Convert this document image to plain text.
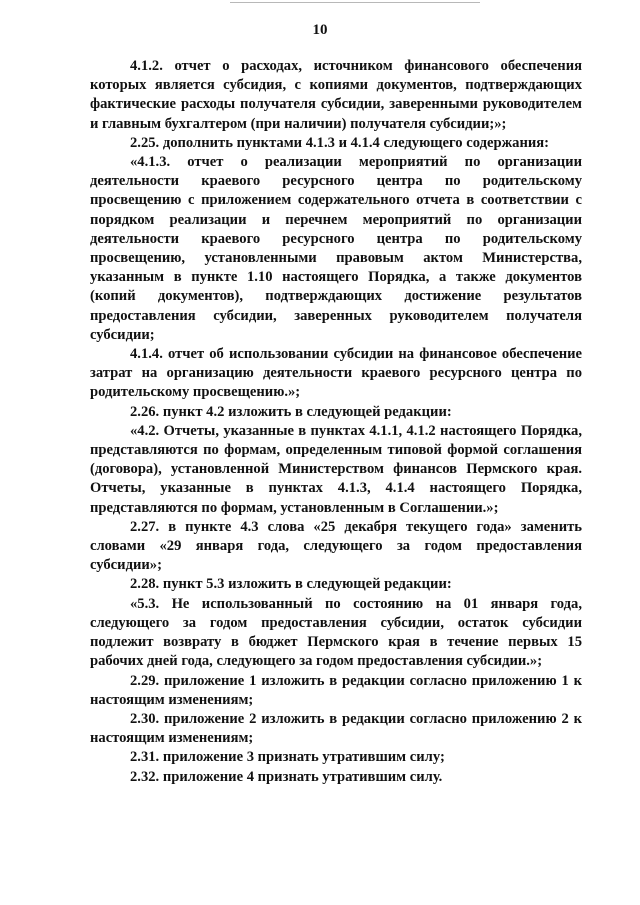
10

4.1.2. отчет о расходах, источником финансового обеспечения которых является субсидия, с копиями документов, подтверждающих фактические расходы получателя субсидии, заверенными руководителем и главным бухгалтером (при наличии) получателя субсидии;»;

2.25. дополнить пунктами 4.1.3 и 4.1.4 следующего содержания:

«4.1.3. отчет о реализации мероприятий по организации деятельности краевого ресурсного центра по родительскому просвещению с приложением содержательного отчета в соответствии с порядком реализации и перечнем мероприятий по организации деятельности краевого ресурсного центра по родительскому просвещению, установленными правовым актом Министерства, указанным в пункте 1.10 настоящего Порядка, а также документов (копий документов), подтверждающих достижение результатов предоставления субсидии, заверенных руководителем получателя субсидии;

4.1.4. отчет об использовании субсидии на финансовое обеспечение затрат на организацию деятельности краевого ресурсного центра по родительскому просвещению.»;

2.26. пункт 4.2 изложить в следующей редакции:

«4.2. Отчеты, указанные в пунктах 4.1.1, 4.1.2 настоящего Порядка, представляются по формам, определенным типовой формой соглашения (договора), установленной Министерством финансов Пермского края. Отчеты, указанные в пунктах 4.1.3, 4.1.4 настоящего Порядка, представляются по формам, установленным в Соглашении.»;

2.27. в пункте 4.3 слова «25 декабря текущего года» заменить словами «29 января года, следующего за годом предоставления субсидии»;

2.28. пункт 5.3 изложить в следующей редакции:

«5.3. Не использованный по состоянию на 01 января года, следующего за годом предоставления субсидии, остаток субсидии подлежит возврату в бюджет Пермского края в течение первых 15 рабочих дней года, следующего за годом предоставления субсидии.»;

2.29. приложение 1 изложить в редакции согласно приложению 1 к настоящим изменениям;

2.30. приложение 2 изложить в редакции согласно приложению 2 к настоящим изменениям;

2.31. приложение 3 признать утратившим силу;

2.32. приложение 4 признать утратившим силу.
